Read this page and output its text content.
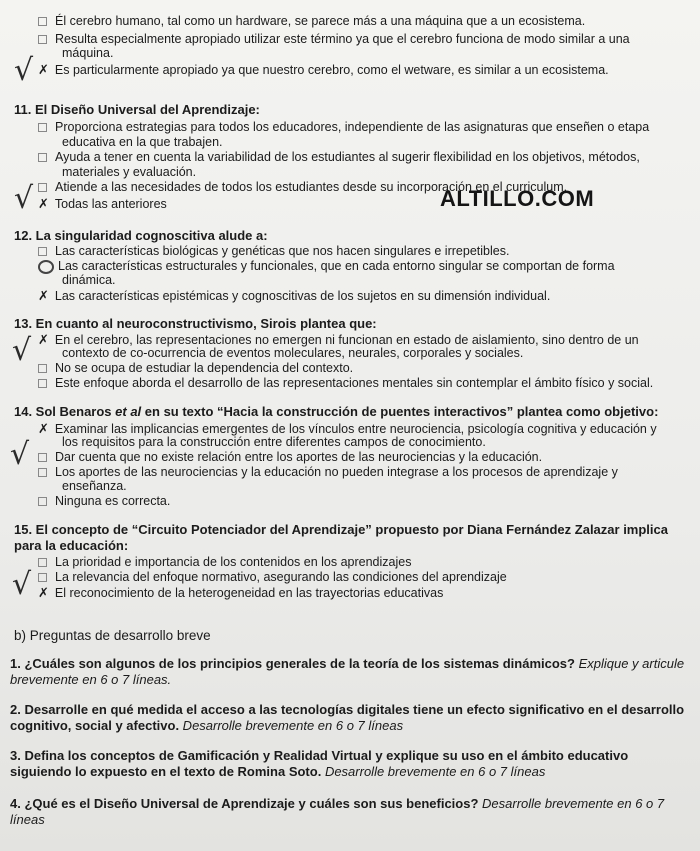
Él cerebro humano, tal como un hardware, se parece más a una máquina que a un ecosistema.
Resulta especialmente apropiado utilizar este término ya que el cerebro funciona de modo similar a una
máquina.
✗ Es particularmente apropiado ya que nuestro cerebro, como el wetware, es similar a un ecosistema.
√
11. El Diseño Universal del Aprendizaje:
Proporciona estrategias para todos los educadores, independiente de las asignaturas que enseñen o etapa
educativa en la que trabajen.
Ayuda a tener en cuenta la variabilidad de los estudiantes al sugerir flexibilidad en los objetivos, métodos,
materiales y evaluación.
Atiende a las necesidades de todos los estudiantes desde su incorporación en el curriculum.
✗ Todas las anteriores
√	ALTILLO.COM
12. La singularidad cognoscitiva alude a:
Las características biológicas y genéticas que nos hacen singulares e irrepetibles.
Las características estructurales y funcionales, que en cada entorno singular se comportan de forma
dinámica.
✗ Las características epistémicas y cognoscitivas de los sujetos en su dimensión individual.
13. En cuanto al neuroconstructivismo, Sirois plantea que:
✗ En el cerebro, las representaciones no emergen ni funcionan en estado de aislamiento, sino dentro de un
contexto de co-ocurrencia de eventos moleculares, neurales, corporales y sociales.
No se ocupa de estudiar la dependencia del contexto.
Este enfoque aborda el desarrollo de las representaciones mentales sin contemplar el ámbito físico y social.
√
14. Sol Benaros et al en su texto “Hacia la construcción de puentes interactivos” plantea como objetivo:
✗ Examinar las implicancias emergentes de los vínculos entre neurociencia, psicología cognitiva y educación y
los requisitos para la construcción entre diferentes campos de conocimiento.
Dar cuenta que no existe relación entre los aportes de las neurociencias y la educación.
Los aportes de las neurociencias y la educación no pueden integrase a los procesos de aprendizaje y
enseñanza.
Ninguna es correcta.
√
15. El concepto de “Circuito Potenciador del Aprendizaje” propuesto por Diana Fernández Zalazar implica
para la educación:
La prioridad e importancia de los contenidos en los aprendizajes
La relevancia del enfoque normativo, asegurando las condiciones del aprendizaje
✗ El reconocimiento de la heterogeneidad en las trayectorias educativas
√
b) Preguntas de desarrollo breve
1. ¿Cuáles son algunos de los principios generales de la teoría de los sistemas dinámicos? Explique y articule
brevemente en 6 o 7 líneas.
2. Desarrolle en qué medida el acceso a las tecnologías digitales tiene un efecto significativo en el desarrollo
cognitivo, social y afectivo. Desarrolle brevemente en 6 o 7 líneas
3. Defina los conceptos de Gamificación y Realidad Virtual y explique su uso en el ámbito educativo
siguiendo lo expuesto en el texto de Romina Soto. Desarrolle brevemente en 6 o 7 líneas
4. ¿Qué es el Diseño Universal de Aprendizaje y cuáles son sus beneficios? Desarrolle brevemente en 6 o 7
líneas
